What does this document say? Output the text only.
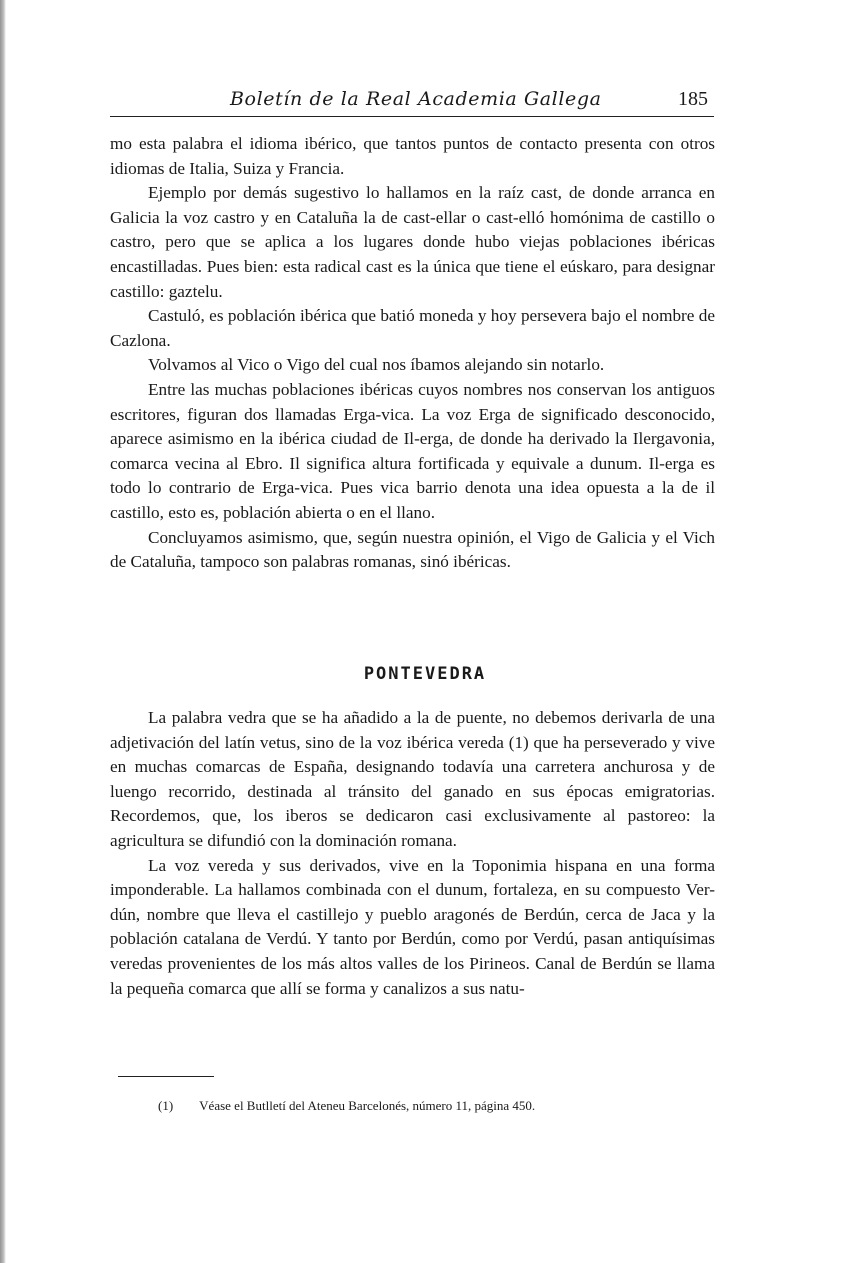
Boletín de la Real Academia Gallega	185

mo esta palabra el idioma ibérico, que tantos puntos de contacto presenta con otros idiomas de Italia, Suiza y Francia.

Ejemplo por demás sugestivo lo hallamos en la raíz cast, de donde arranca en Galicia la voz castro y en Cataluña la de cast-ellar o cast-elló homónima de castillo o castro, pero que se aplica a los lugares donde hubo viejas poblaciones ibéricas encastilladas. Pues bien: esta radical cast es la única que tiene el eúskaro, para designar castillo: gaztelu.

Castuló, es población ibérica que batió moneda y hoy persevera bajo el nombre de Cazlona.

Volvamos al Vico o Vigo del cual nos íbamos alejando sin notarlo.

Entre las muchas poblaciones ibéricas cuyos nombres nos conservan los antiguos escritores, figuran dos llamadas Erga-vica. La voz Erga de significado desconocido, aparece asimismo en la ibérica ciudad de Il-erga, de donde ha derivado la Ilergavonia, comarca vecina al Ebro. Il significa altura fortificada y equivale a dunum. Il-erga es todo lo contrario de Erga-vica. Pues vica barrio denota una idea opuesta a la de il castillo, esto es, población abierta o en el llano.

Concluyamos asimismo, que, según nuestra opinión, el Vigo de Galicia y el Vich de Cataluña, tampoco son palabras romanas, sinó ibéricas.

PONTEVEDRA

La palabra vedra que se ha añadido a la de puente, no debemos derivarla de una adjetivación del latín vetus, sino de la voz ibérica vereda (1) que ha perseverado y vive en muchas comarcas de España, designando todavía una carretera anchurosa y de luengo recorrido, destinada al tránsito del ganado en sus épocas emigratorias. Recordemos, que, los iberos se dedicaron casi exclusivamente al pastoreo: la agricultura se difundió con la dominación romana.

La voz vereda y sus derivados, vive en la Toponimia hispana en una forma imponderable. La hallamos combinada con el dunum, fortaleza, en su compuesto Ver-dún, nombre que lleva el castillejo y pueblo aragonés de Berdún, cerca de Jaca y la población catalana de Verdú. Y tanto por Berdún, como por Verdú, pasan antiquísimas veredas provenientes de los más altos valles de los Pirineos. Canal de Berdún se llama la pequeña comarca que allí se forma y canalizos a sus natu-

(1) Véase el Butlletí del Ateneu Barcelonés, número 11, página 450.
